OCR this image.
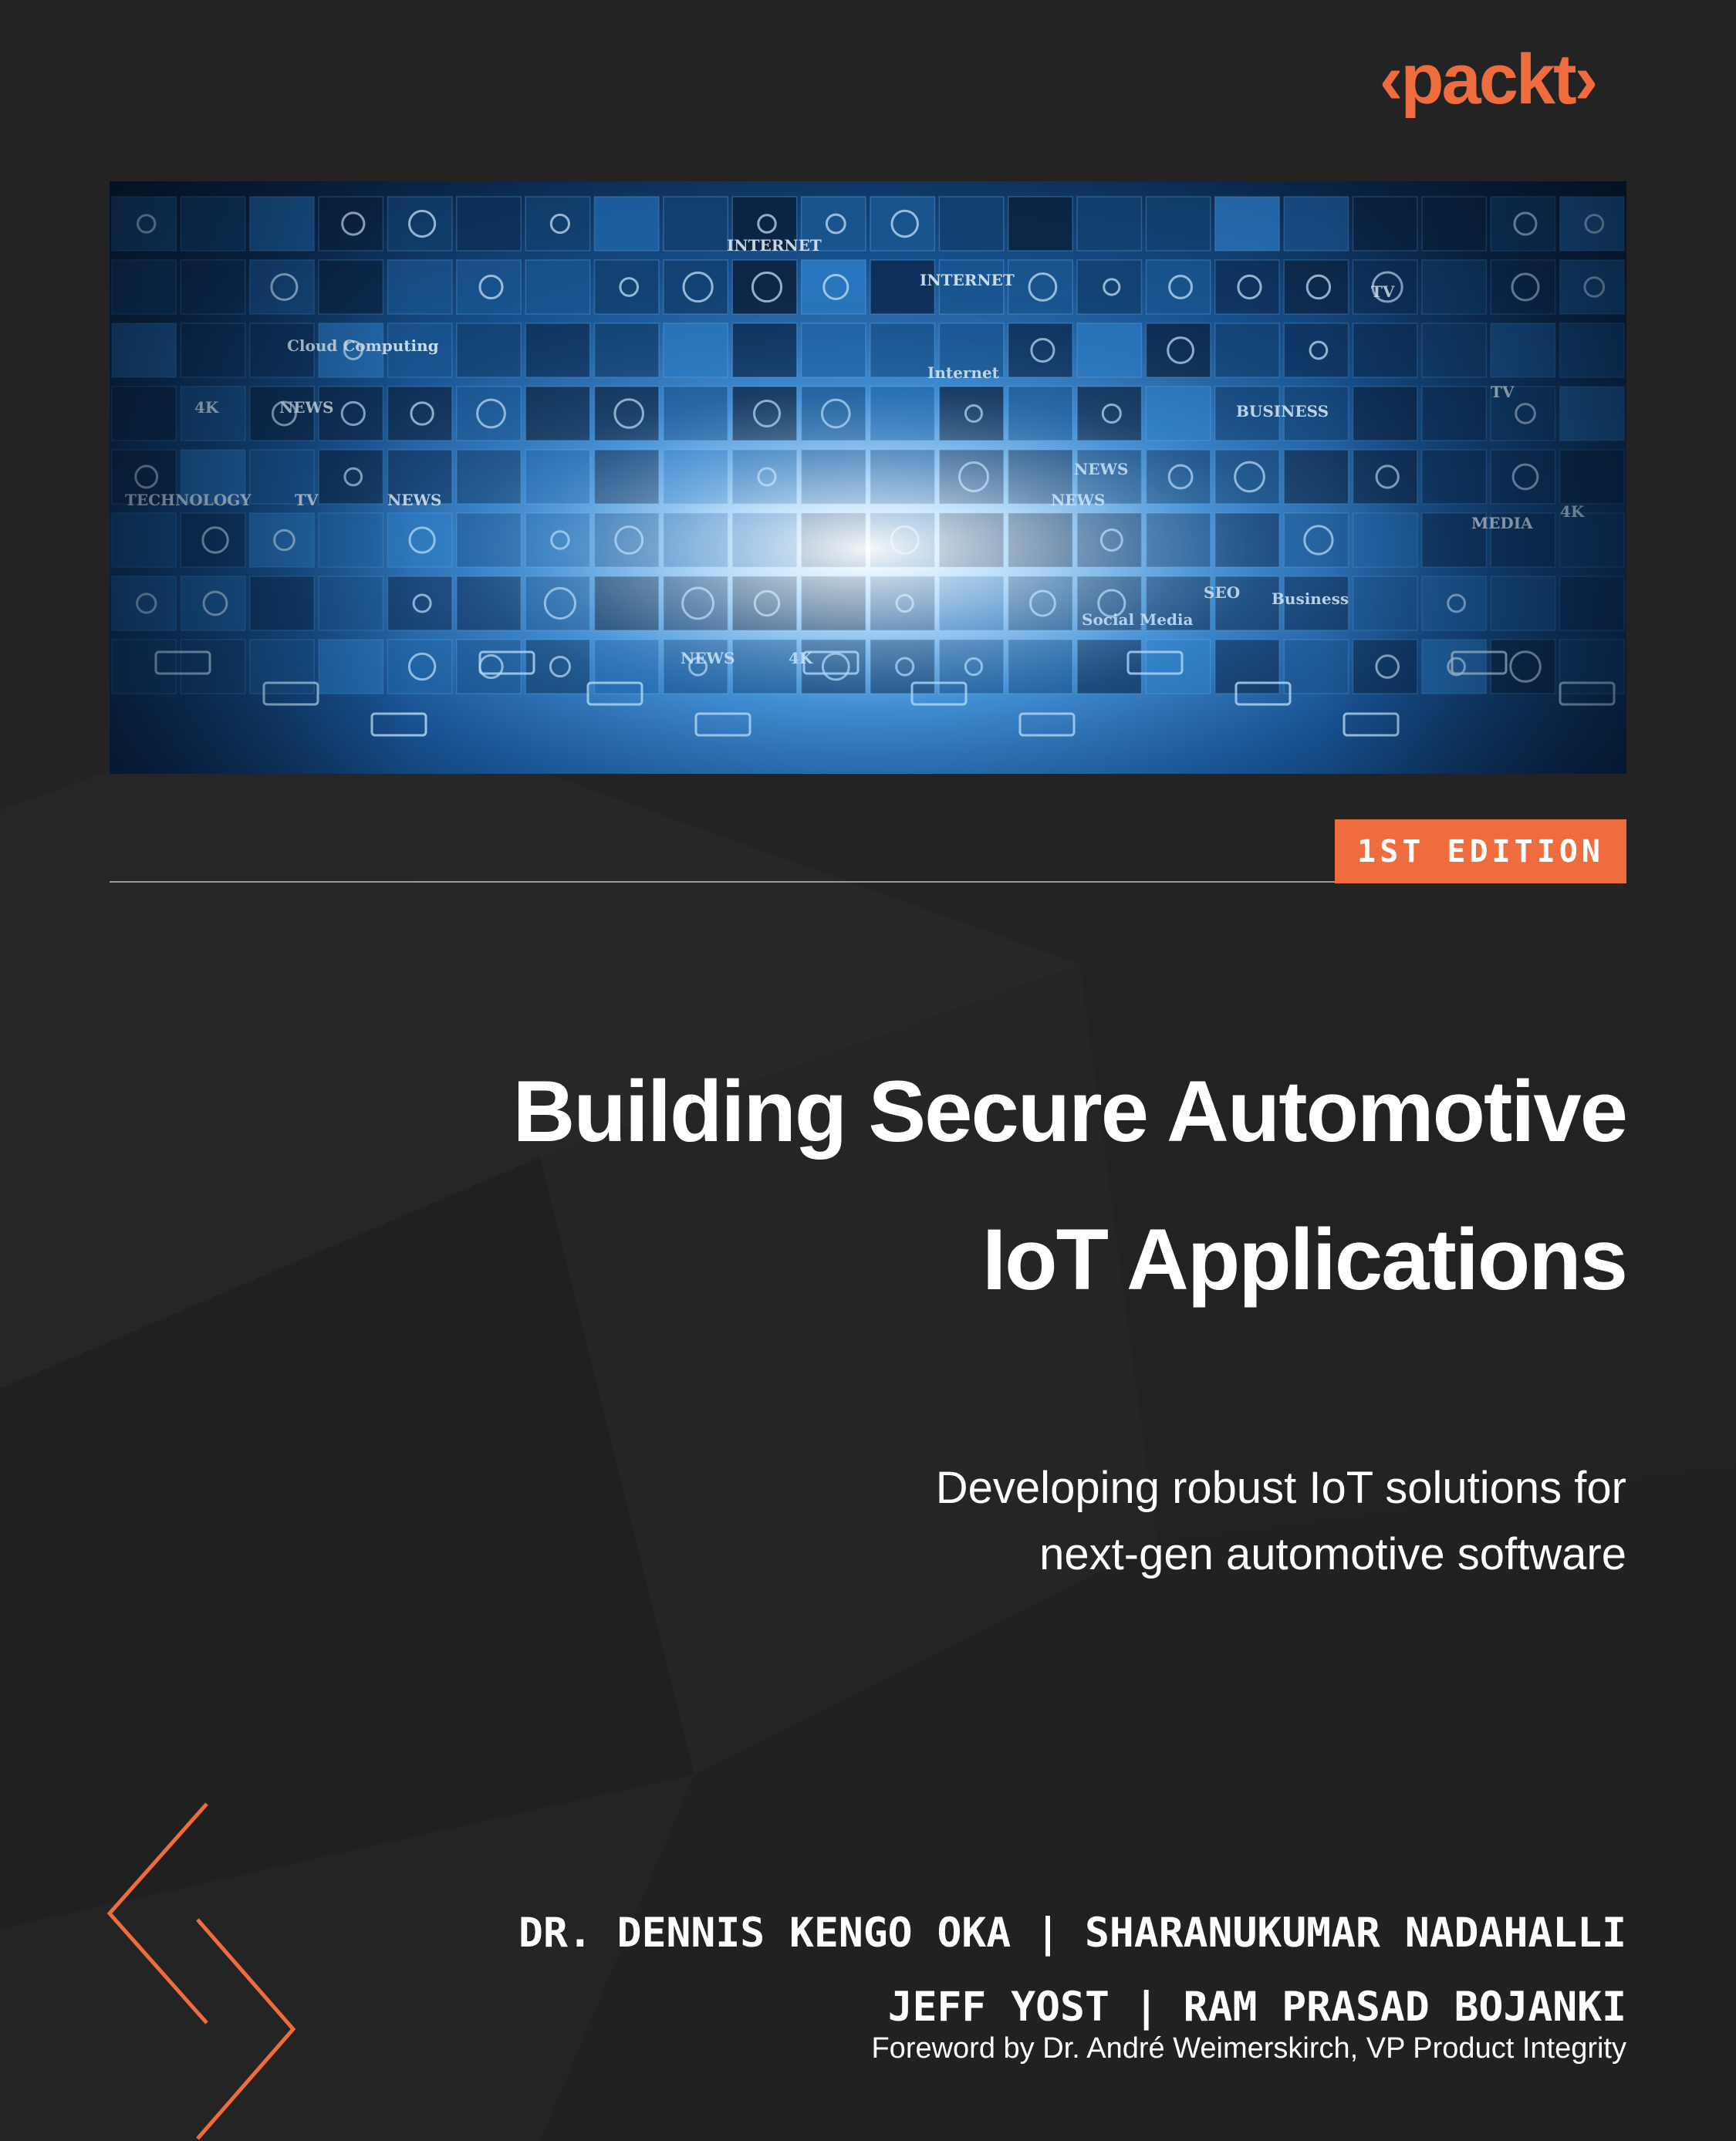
‹packt›
1ST EDITION
Building Secure Automotive
IoT Applications
Developing robust IoT solutions for
next-gen automotive software
DR. DENNIS KENGO OKA | SHARANUKUMAR NADAHALLI
JEFF YOST | RAM PRASAD BOJANKI
Foreword by Dr. André Weimerskirch, VP Product Integrity
